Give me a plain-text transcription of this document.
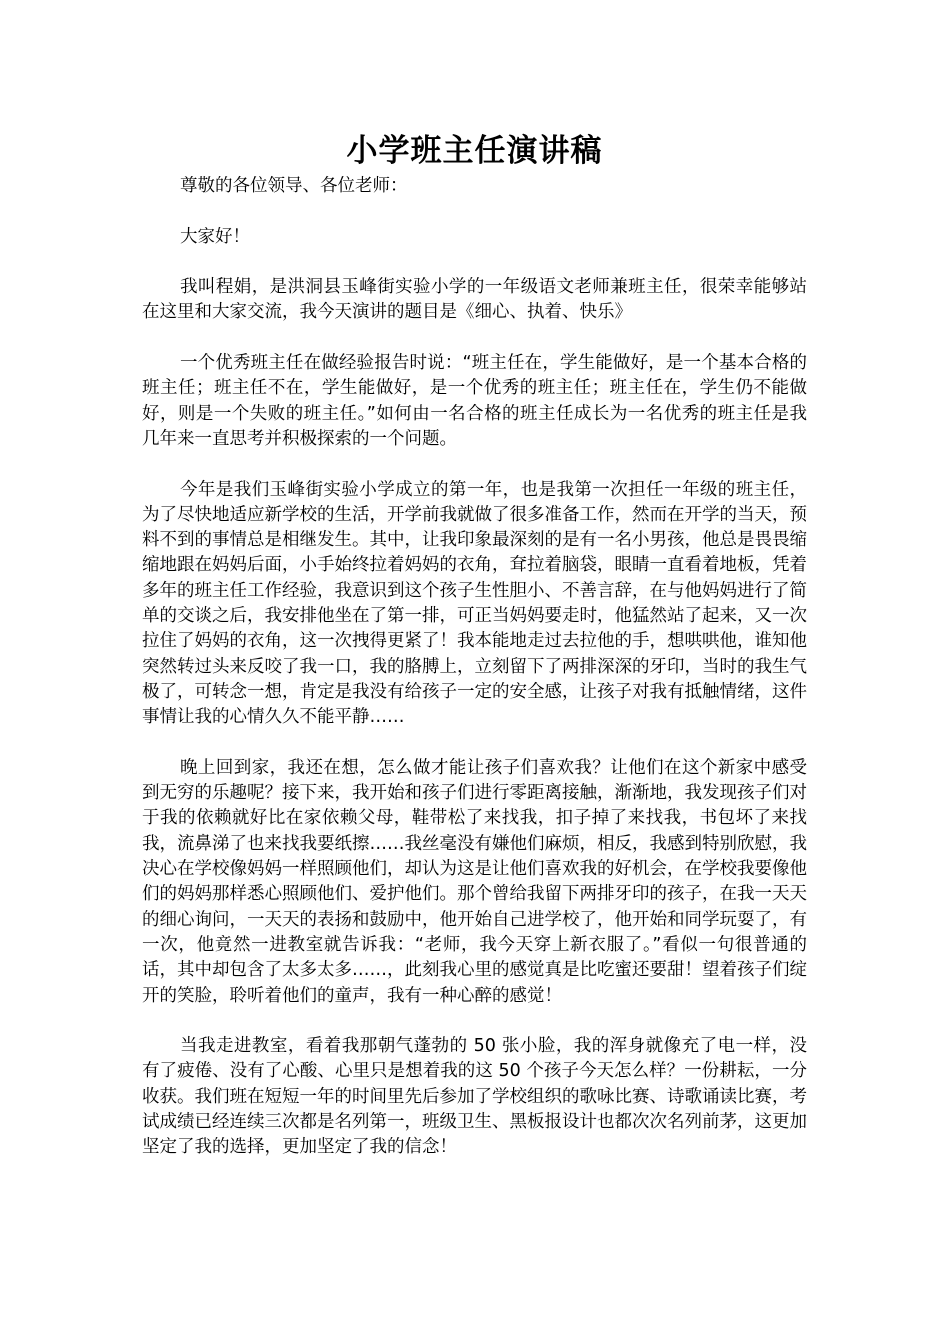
小学班主任演讲稿

尊敬的各位领导、各位老师：

大家好！

我叫程娟，是洪洞县玉峰街实验小学的一年级语文老师兼班主任，很荣幸能够站在这里和大家交流，我今天演讲的题目是《细心、执着、快乐》

一个优秀班主任在做经验报告时说：“班主任在，学生能做好，是一个基本合格的班主任；班主任不在，学生能做好，是一个优秀的班主任；班主任在，学生仍不能做好，则是一个失败的班主任。”如何由一名合格的班主任成长为一名优秀的班主任是我几年来一直思考并积极探索的一个问题。

今年是我们玉峰街实验小学成立的第一年，也是我第一次担任一年级的班主任，为了尽快地适应新学校的生活，开学前我就做了很多准备工作，然而在开学的当天，预料不到的事情总是相继发生。其中，让我印象最深刻的是有一名小男孩，他总是畏畏缩缩地跟在妈妈后面，小手始终拉着妈妈的衣角，耷拉着脑袋，眼睛一直看着地板，凭着多年的班主任工作经验，我意识到这个孩子生性胆小、不善言辞，在与他妈妈进行了简单的交谈之后，我安排他坐在了第一排，可正当妈妈要走时，他猛然站了起来，又一次拉住了妈妈的衣角，这一次拽得更紧了！我本能地走过去拉他的手，想哄哄他，谁知他突然转过头来反咬了我一口，我的胳膊上，立刻留下了两排深深的牙印，当时的我生气极了，可转念一想，肯定是我没有给孩子一定的安全感，让孩子对我有抵触情绪，这件事情让我的心情久久不能平静……

晚上回到家，我还在想，怎么做才能让孩子们喜欢我？让他们在这个新家中感受到无穷的乐趣呢？接下来，我开始和孩子们进行零距离接触，渐渐地，我发现孩子们对于我的依赖就好比在家依赖父母，鞋带松了来找我，扣子掉了来找我，书包坏了来找我，流鼻涕了也来找我要纸擦……我丝毫没有嫌他们麻烦，相反，我感到特别欣慰，我决心在学校像妈妈一样照顾他们，却认为这是让他们喜欢我的好机会，在学校我要像他们的妈妈那样悉心照顾他们、爱护他们。那个曾给我留下两排牙印的孩子，在我一天天的细心询问，一天天的表扬和鼓励中，他开始自己进学校了，他开始和同学玩耍了，有一次，他竟然一进教室就告诉我：“老师，我今天穿上新衣服了。”看似一句很普通的话，其中却包含了太多太多……，此刻我心里的感觉真是比吃蜜还要甜！望着孩子们绽开的笑脸，聆听着他们的童声，我有一种心醉的感觉！

当我走进教室，看着我那朝气蓬勃的 50 张小脸，我的浑身就像充了电一样，没有了疲倦、没有了心酸、心里只是想着我的这 50 个孩子今天怎么样？一份耕耘，一分收获。我们班在短短一年的时间里先后参加了学校组织的歌咏比赛、诗歌诵读比赛，考试成绩已经连续三次都是名列第一，班级卫生、黑板报设计也都次次名列前茅，这更加坚定了我的选择，更加坚定了我的信念！
